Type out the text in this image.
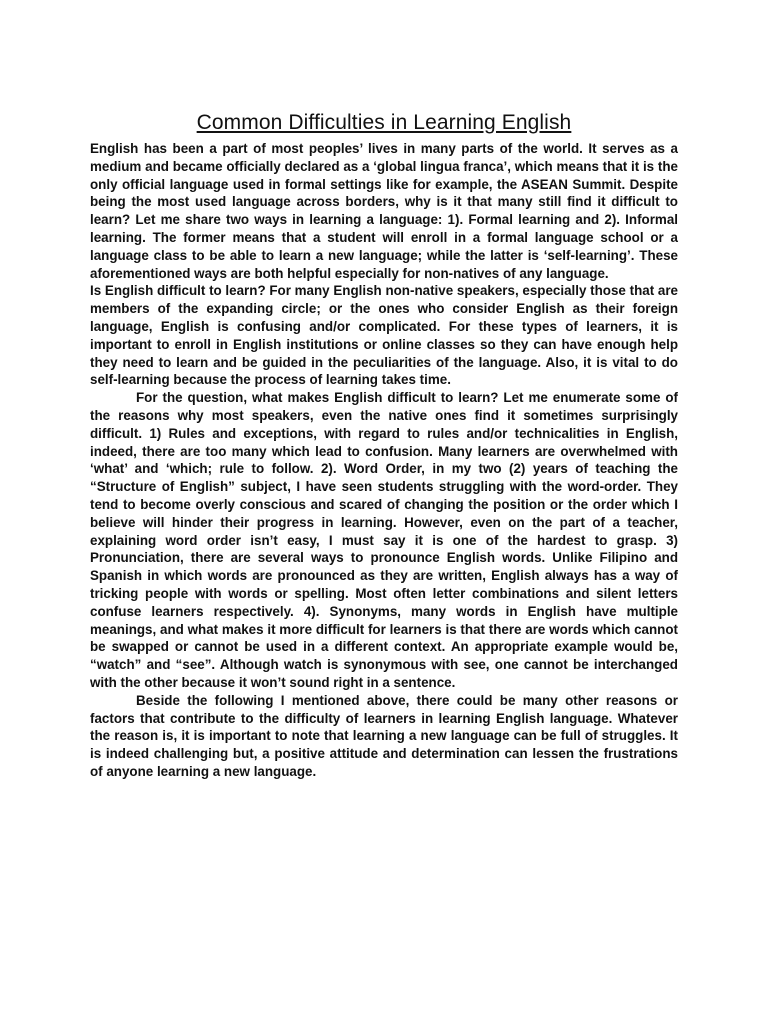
Common Difficulties in Learning English

English has been a part of most peoples’ lives in many parts of the world. It serves as a medium and became officially declared as a ‘global lingua franca’, which means that it is the only official language used in formal settings like for example, the ASEAN Summit. Despite being the most used language across borders, why is it that many still find it difficult to learn? Let me share two ways in learning a language: 1). Formal learning and 2). Informal learning. The former means that a student will enroll in a formal language school or a language class to be able to learn a new language; while the latter is ‘self-learning’. These aforementioned ways are both helpful especially for non-natives of any language.

Is English difficult to learn? For many English non-native speakers, especially those that are members of the expanding circle; or the ones who consider English as their foreign language, English is confusing and/or complicated. For these types of learners, it is important to enroll in English institutions or online classes so they can have enough help they need to learn and be guided in the peculiarities of the language. Also, it is vital to do self-learning because the process of learning takes time.

For the question, what makes English difficult to learn? Let me enumerate some of the reasons why most speakers, even the native ones find it sometimes surprisingly difficult. 1) Rules and exceptions, with regard to rules and/or technicalities in English, indeed, there are too many which lead to confusion. Many learners are overwhelmed with ‘what’ and ‘which; rule to follow. 2). Word Order, in my two (2) years of teaching the “Structure of English” subject, I have seen students struggling with the word-order. They tend to become overly conscious and scared of changing the position or the order which I believe will hinder their progress in learning. However, even on the part of a teacher, explaining word order isn’t easy, I must say it is one of the hardest to grasp. 3) Pronunciation, there are several ways to pronounce English words. Unlike Filipino and Spanish in which words are pronounced as they are written, English always has a way of tricking people with words or spelling. Most often letter combinations and silent letters confuse learners respectively. 4). Synonyms, many words in English have multiple meanings, and what makes it more difficult for learners is that there are words which cannot be swapped or cannot be used in a different context. An appropriate example would be, “watch” and “see”. Although watch is synonymous with see, one cannot be interchanged with the other because it won’t sound right in a sentence.

Beside the following I mentioned above, there could be many other reasons or factors that contribute to the difficulty of learners in learning English language. Whatever the reason is, it is important to note that learning a new language can be full of struggles. It is indeed challenging but, a positive attitude and determination can lessen the frustrations of anyone learning a new language.
